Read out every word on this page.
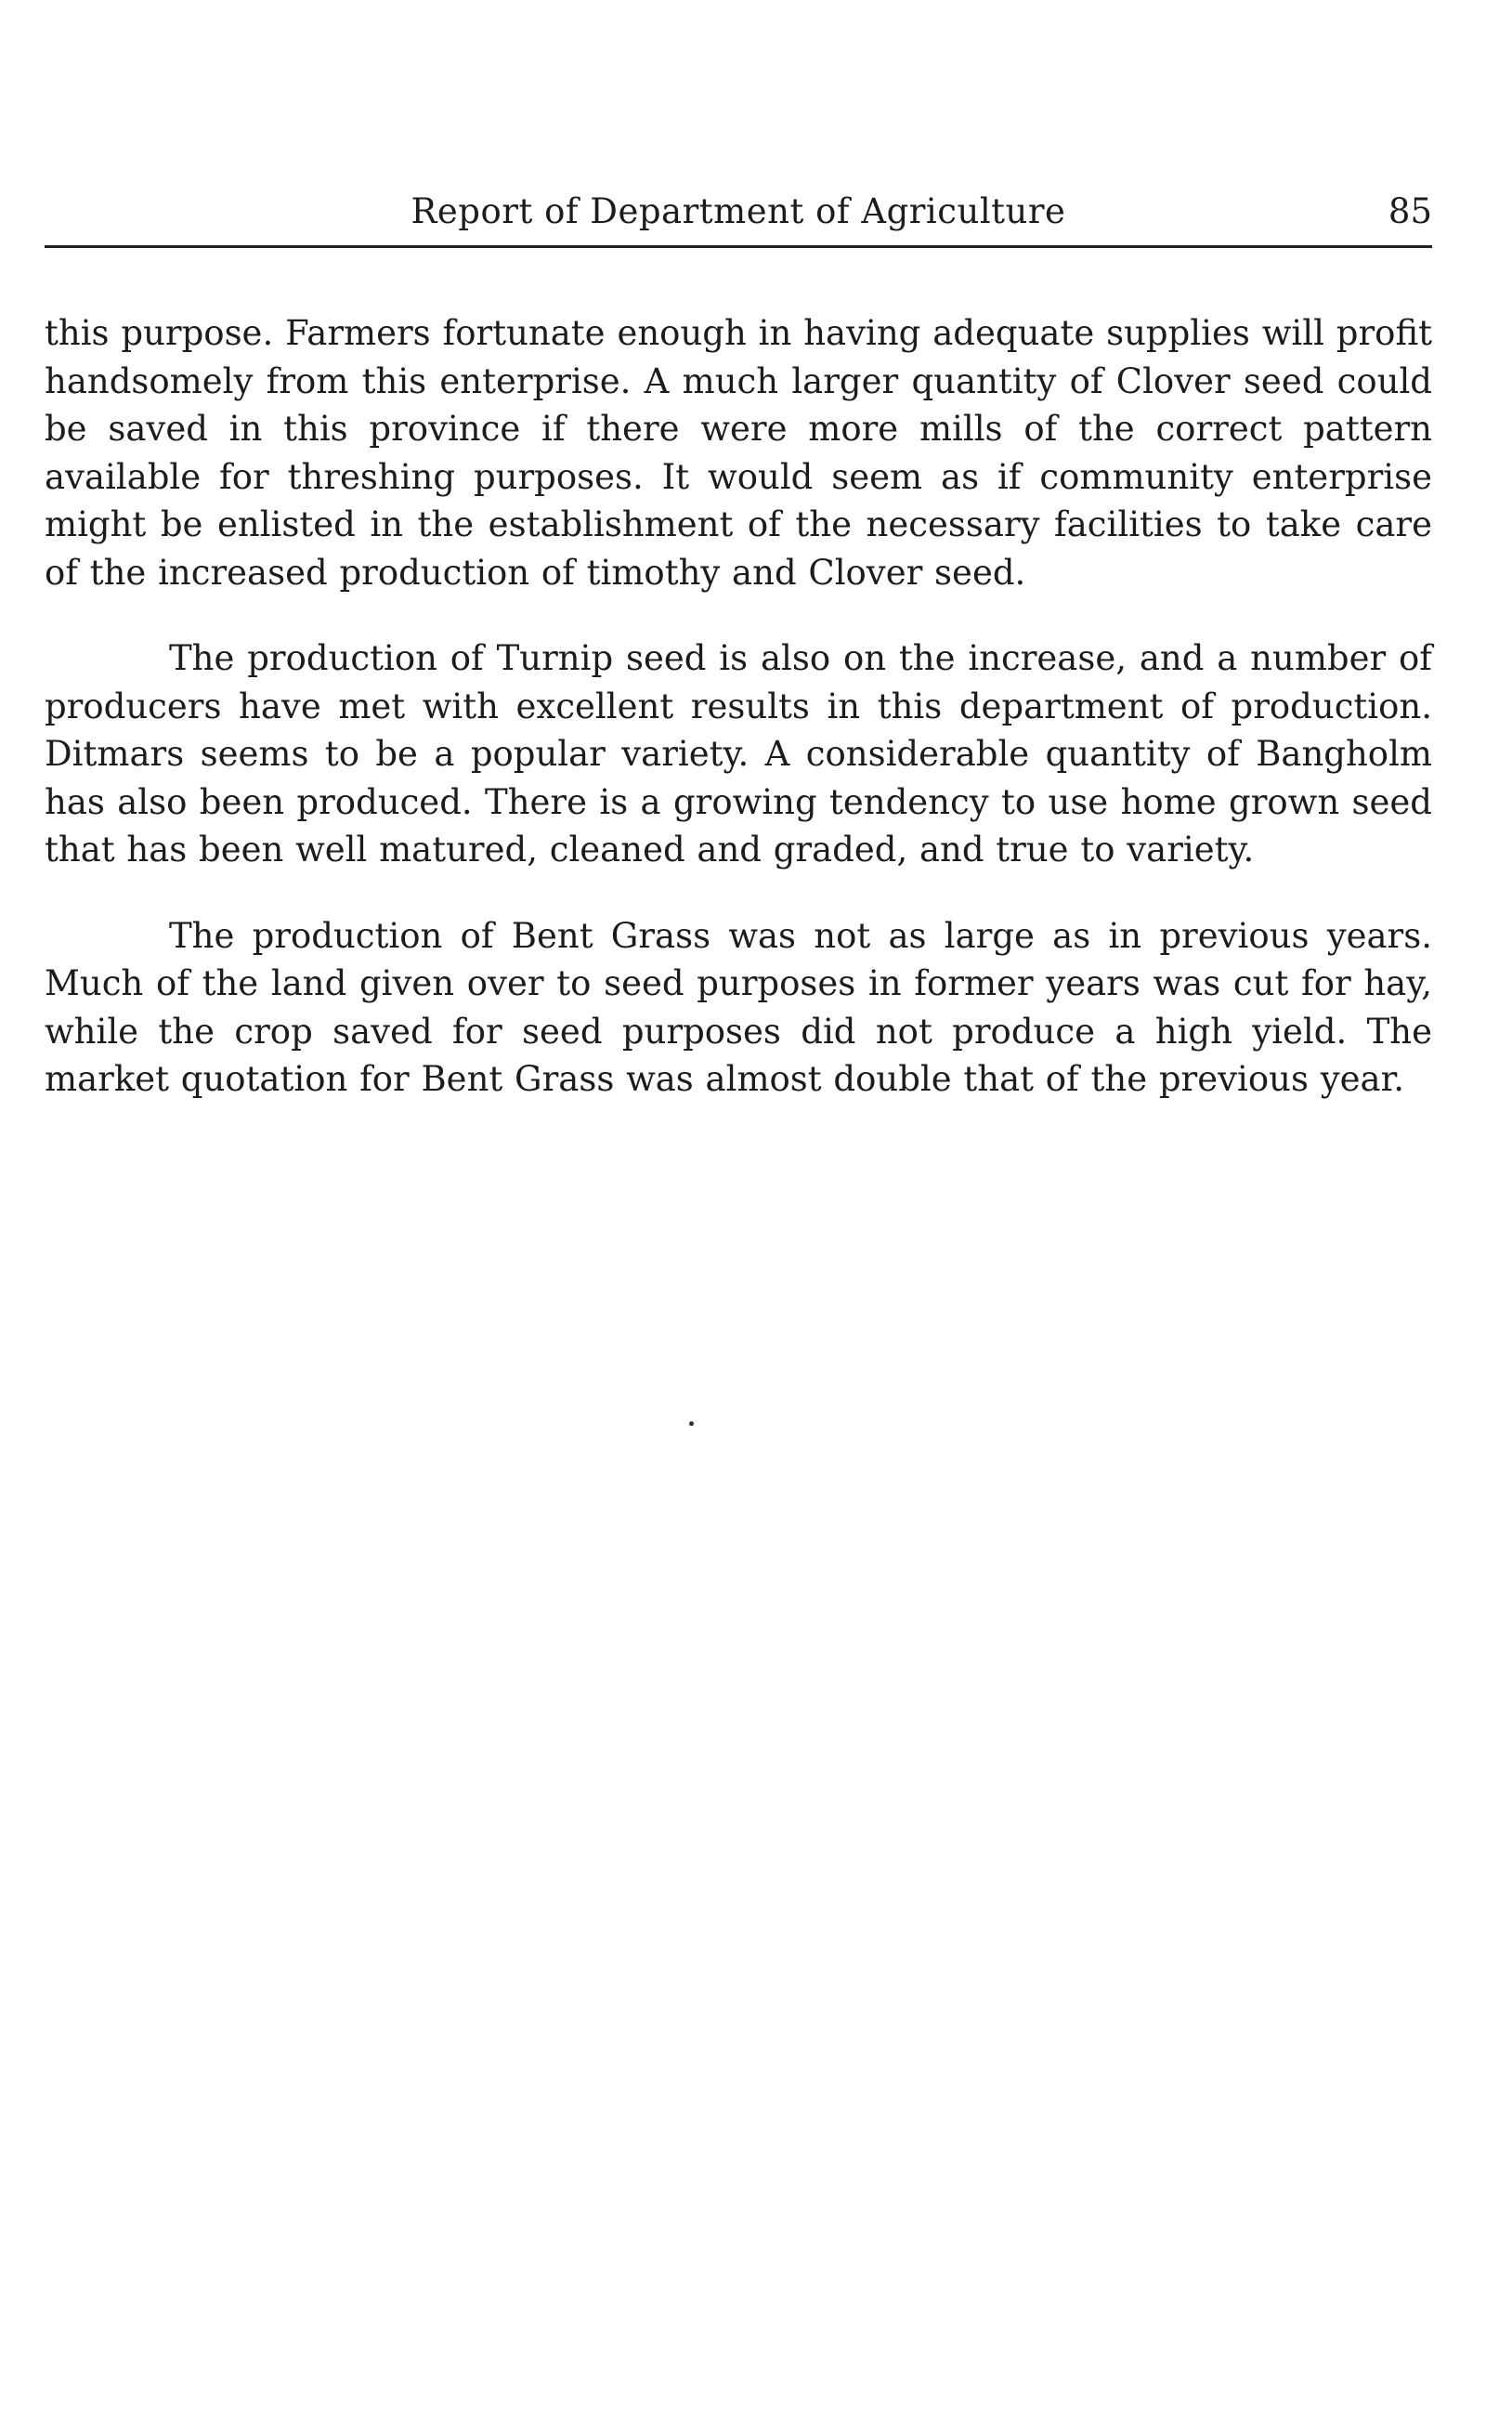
Report of Department of Agriculture	85

this purpose. Farmers fortunate enough in having adequate supplies will profit handsomely from this enterprise. A much larger quantity of Clover seed could be saved in this province if there were more mills of the correct pattern available for threshing purposes. It would seem as if community enterprise might be enlisted in the establishment of the necessary facilities to take care of the increased production of timothy and Clover seed.

The production of Turnip seed is also on the increase, and a number of producers have met with excellent results in this department of production. Ditmars seems to be a popular variety. A considerable quantity of Bangholm has also been produced. There is a growing tendency to use home grown seed that has been well matured, cleaned and graded, and true to variety.

The production of Bent Grass was not as large as in previous years. Much of the land given over to seed purposes in former years was cut for hay, while the crop saved for seed purposes did not produce a high yield. The market quotation for Bent Grass was almost double that of the previous year.
